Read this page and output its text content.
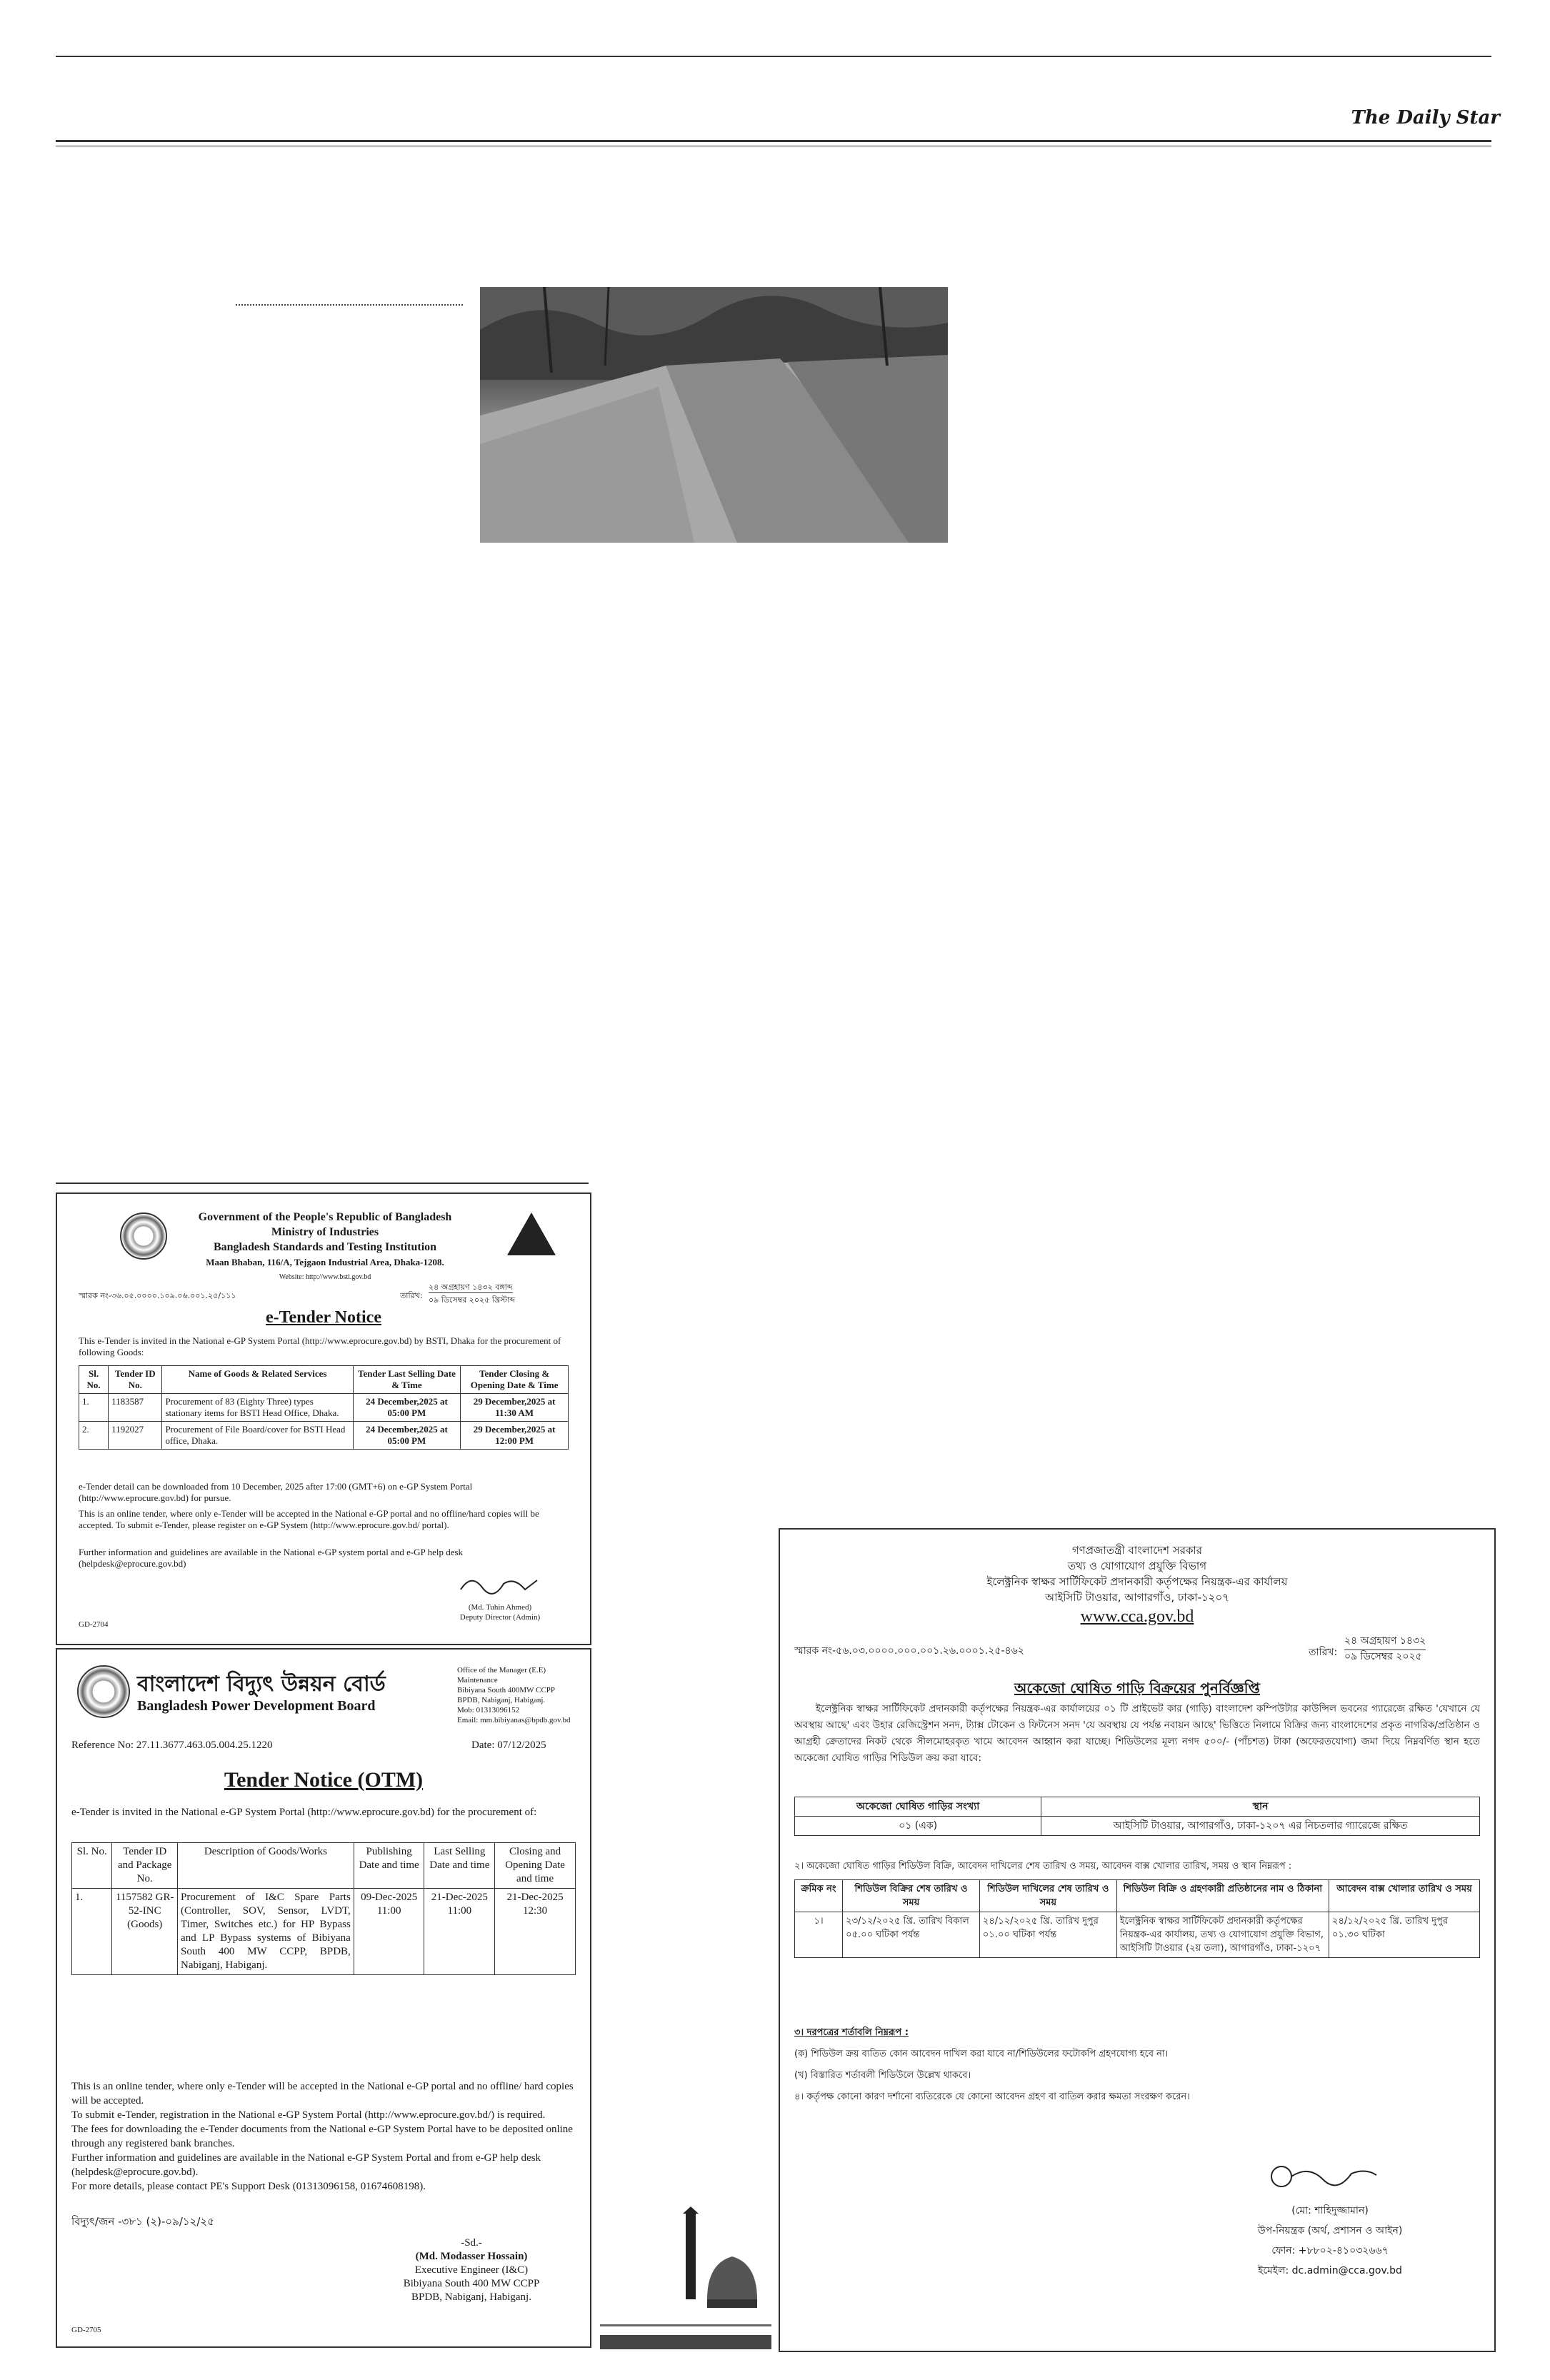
The Daily Star
Government of the People's Republic of Bangladesh
Ministry of Industries
Bangladesh Standards and Testing Institution
Maan Bhaban, 116/A, Tejgaon Industrial Area, Dhaka-1208.
Website: http://www.bsti.gov.bd
স্মারক নং-৩৬.০৫.০০০০.১০৯.০৬.০০১.২৫/১১১	তারিখ:
২৪ অগ্রহায়ণ ১৪৩২ বঙ্গাব্দ
০৯ ডিসেম্বর ২০২৫ খ্রিস্টাব্দ
e-Tender Notice
This e-Tender is invited in the National e-GP System Portal (http://www.eprocure.gov.bd) by BSTI, Dhaka for the procurement of following Goods:
Sl. No.	Tender ID No.	Name of Goods & Related Services	Tender Last Selling Date & Time	Tender Closing & Opening Date & Time
1.	1183587	Procurement of 83 (Eighty Three) types stationary items for BSTI Head Office, Dhaka.	24 December,2025 at 05:00 PM	29 December,2025 at 11:30 AM
2.	1192027	Procurement of File Board/cover for BSTI Head office, Dhaka.	24 December,2025 at 05:00 PM	29 December,2025 at 12:00 PM
e-Tender detail can be downloaded from 10 December, 2025 after 17:00 (GMT+6) on e-GP System Portal (http://www.eprocure.gov.bd) for pursue.
This is an online tender, where only e-Tender will be accepted in the National e-GP portal and no offline/hard copies will be accepted. To submit e-Tender, please register on e-GP System (http://www.eprocure.gov.bd/ portal).
Further information and guidelines are available in the National e-GP system portal and e-GP help desk (helpdesk@eprocure.gov.bd)
(Md. Tuhin Ahmed)
Deputy Director (Admin)
GD-2704
বাংলাদেশ বিদ্যুৎ উন্নয়ন বোর্ড
Bangladesh Power Development Board
Office of the Manager (E.E) Maintenance
Bibiyana South 400MW CCPP
BPDB, Nabiganj, Habiganj.
Mob: 01313096152
Email: mm.bibiyanas@bpdb.gov.bd
Reference No: 27.11.3677.463.05.004.25.1220	Date: 07/12/2025
Tender Notice (OTM)
e-Tender is invited in the National e-GP System Portal (http://www.eprocure.gov.bd) for the procurement of:
Sl. No.	Tender ID and Package No.	Description of Goods/Works	Publishing Date and time	Last Selling Date and time	Closing and Opening Date and time
1.	1157582 GR-52-INC (Goods)	Procurement of I&C Spare Parts (Controller, SOV, Sensor, LVDT, Timer, Switches etc.) for HP Bypass and LP Bypass systems of Bibiyana South 400 MW CCPP, BPDB, Nabiganj, Habiganj.	09-Dec-2025 11:00	21-Dec-2025 11:00	21-Dec-2025 12:30
This is an online tender, where only e-Tender will be accepted in the National e-GP portal and no offline/ hard copies will be accepted.
To submit e-Tender, registration in the National e-GP System Portal (http://www.eprocure.gov.bd/) is required.
The fees for downloading the e-Tender documents from the National e-GP System Portal have to be deposited online through any registered bank branches.
Further information and guidelines are available in the National e-GP System Portal and from e-GP help desk (helpdesk@eprocure.gov.bd).
For more details, please contact PE's Support Desk (01313096158, 01674608198).
বিদ্যুৎ/জন -৩৮১ (২)-০৯/১২/২৫
-Sd.-
(Md. Modasser Hossain)
Executive Engineer (I&C)
Bibiyana South 400 MW CCPP
BPDB, Nabiganj, Habiganj.
GD-2705
গণপ্রজাতন্ত্রী বাংলাদেশ সরকার
তথ্য ও যোগাযোগ প্রযুক্তি বিভাগ
ইলেক্ট্রনিক স্বাক্ষর সার্টিফিকেট প্রদানকারী কর্তৃপক্ষের নিয়ন্ত্রক-এর কার্যালয়
আইসিটি টাওয়ার, আগারগাঁও, ঢাকা-১২০৭
www.cca.gov.bd
স্মারক নং-৫৬.০৩.০০০০.০০০.০০১.২৬.০০০১.২৫-৪৬২	তারিখ:
২৪ অগ্রহায়ণ ১৪৩২
০৯ ডিসেম্বর ২০২৫
অকেজো ঘোষিত গাড়ি বিক্রয়ের পুনর্বিজ্ঞপ্তি
ইলেক্ট্রনিক স্বাক্ষর সার্টিফিকেট প্রদানকারী কর্তৃপক্ষের নিয়ন্ত্রক-এর কার্যালয়ের ০১ টি প্রাইভেট কার (গাড়ি) বাংলাদেশ কম্পিউটার কাউন্সিল ভবনের গ্যারেজে রক্ষিত 'যেখানে যে অবস্থায় আছে' এবং উহার রেজিস্ট্রেশন সনদ, ট্যাক্স টোকেন ও ফিটনেস সনদ 'যে অবস্থায় যে পর্যন্ত নবায়ন আছে' ভিত্তিতে নিলামে বিক্রির জন্য বাংলাদেশের প্রকৃত নাগরিক/প্রতিষ্ঠান ও আগ্রহী ক্রেতাদের নিকট থেকে সীলমোহরকৃত খামে আবেদন আহ্বান করা যাচ্ছে। শিডিউলের মূল্য নগদ ৫০০/- (পাঁচশত) টাকা (অফেরতযোগ্য) জমা দিয়ে নিম্নবর্ণিত স্থান হতে অকেজো ঘোষিত গাড়ির শিডিউল ক্রয় করা যাবে:
অকেজো ঘোষিত গাড়ির সংখ্যা	স্থান
০১ (এক)	আইসিটি টাওয়ার, আগারগাঁও, ঢাকা-১২০৭ এর নিচতলার গ্যারেজে রক্ষিত
২। অকেজো ঘোষিত গাড়ির শিডিউল বিক্রি, আবেদন দাখিলের শেষ তারিখ ও সময়, আবেদন বাক্স খোলার তারিখ, সময় ও স্থান নিম্নরূপ :
ক্রমিক নং	শিডিউল বিক্রির শেষ তারিখ ও সময়	শিডিউল দাখিলের শেষ তারিখ ও সময়	শিডিউল বিক্রি ও গ্রহণকারী প্রতিষ্ঠানের নাম ও ঠিকানা	আবেদন বাক্স খোলার তারিখ ও সময়
১।	২৩/১২/২০২৫ খ্রি. তারিখ বিকাল ০৫.০০ ঘটিকা পর্যন্ত	২৪/১২/২০২৫ খ্রি. তারিখ দুপুর ০১.০০ ঘটিকা পর্যন্ত	ইলেক্ট্রনিক স্বাক্ষর সার্টিফিকেট প্রদানকারী কর্তৃপক্ষের নিয়ন্ত্রক-এর কার্যালয়, তথ্য ও যোগাযোগ প্রযুক্তি বিভাগ, আইসিটি টাওয়ার (২য় তলা), আগারগাঁও, ঢাকা-১২০৭	২৪/১২/২০২৫ খ্রি. তারিখ দুপুর ০১.৩০ ঘটিকা
৩। দরপত্রের শর্তাবলি নিম্নরূপ :
(ক) শিডিউল ক্রয় ব্যতিত কোন আবেদন দাখিল করা যাবে না/শিডিউলের ফটোকপি গ্রহণযোগ্য হবে না।
(খ) বিস্তারিত শর্তাবলী শিডিউলে উল্লেখ থাকবে।
৪। কর্তৃপক্ষ কোনো কারণ দর্শানো ব্যতিরেকে যে কোনো আবেদন গ্রহণ বা বাতিল করার ক্ষমতা সংরক্ষণ করেন।
(মো: শাহিদুজ্জামান)
উপ-নিয়ন্ত্রক (অর্থ, প্রশাসন ও আইন)
ফোন: +৮৮০২-৪১০৩২৬৬৭
ইমেইল: dc.admin@cca.gov.bd
